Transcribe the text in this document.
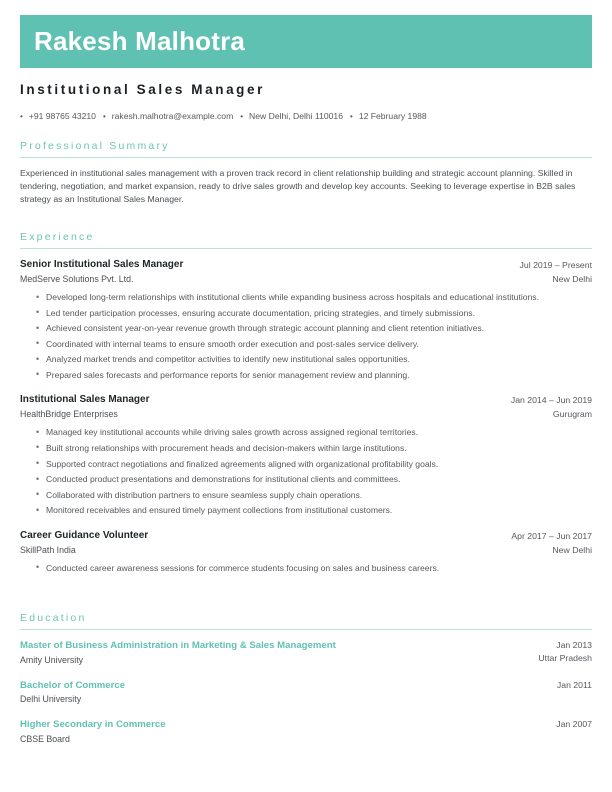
Rakesh Malhotra
Institutional Sales Manager
• +91 98765 43210 • rakesh.malhotra@example.com • New Delhi, Delhi 110016 • 12 February 1988
Professional Summary
Experienced in institutional sales management with a proven track record in client relationship building and strategic account planning. Skilled in tendering, negotiation, and market expansion, ready to drive sales growth and develop key accounts. Seeking to leverage expertise in B2B sales strategy as an Institutional Sales Manager.
Experience
Senior Institutional Sales Manager
MedServe Solutions Pvt. Ltd.
Jul 2019 – Present
New Delhi
• Developed long-term relationships with institutional clients while expanding business across hospitals and educational institutions.
• Led tender participation processes, ensuring accurate documentation, pricing strategies, and timely submissions.
• Achieved consistent year-on-year revenue growth through strategic account planning and client retention initiatives.
• Coordinated with internal teams to ensure smooth order execution and post-sales service delivery.
• Analyzed market trends and competitor activities to identify new institutional sales opportunities.
• Prepared sales forecasts and performance reports for senior management review and planning.
Institutional Sales Manager
HealthBridge Enterprises
Jan 2014 – Jun 2019
Gurugram
• Managed key institutional accounts while driving sales growth across assigned regional territories.
• Built strong relationships with procurement heads and decision-makers within large institutions.
• Supported contract negotiations and finalized agreements aligned with organizational profitability goals.
• Conducted product presentations and demonstrations for institutional clients and committees.
• Collaborated with distribution partners to ensure seamless supply chain operations.
• Monitored receivables and ensured timely payment collections from institutional customers.
Career Guidance Volunteer
SkillPath India
Apr 2017 – Jun 2017
New Delhi
• Conducted career awareness sessions for commerce students focusing on sales and business careers.
Education
Master of Business Administration in Marketing & Sales Management
Amity University
Jan 2013
Uttar Pradesh
Bachelor of Commerce
Delhi University
Jan 2011
Higher Secondary in Commerce
CBSE Board
Jan 2007
